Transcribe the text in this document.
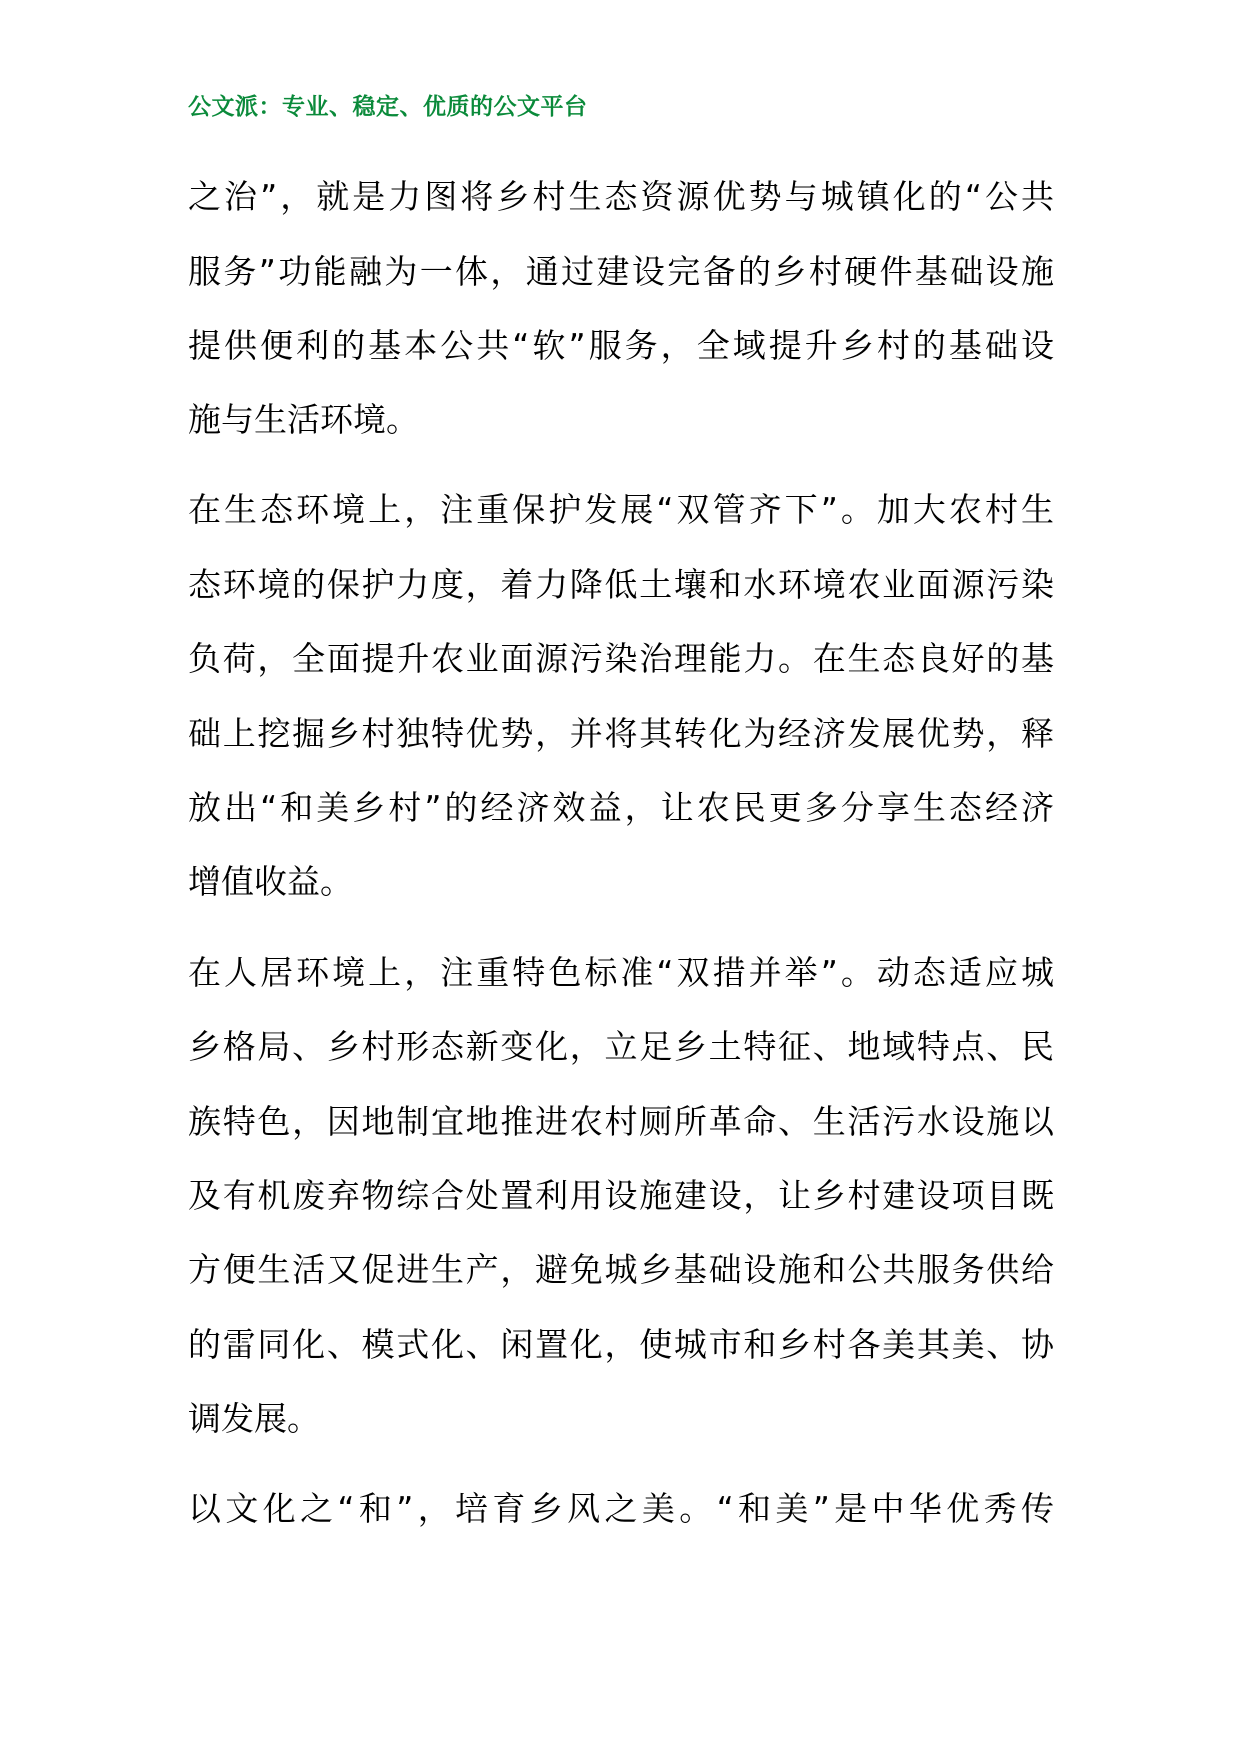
公文派：专业、稳定、优质的公文平台
之治”，就是力图将乡村生态资源优势与城镇化的“公共
服务”功能融为一体，通过建设完备的乡村硬件基础设施
提供便利的基本公共“软”服务，全域提升乡村的基础设
施与生活环境。
在生态环境上，注重保护发展“双管齐下”。加大农村生
态环境的保护力度，着力降低土壤和水环境农业面源污染
负荷，全面提升农业面源污染治理能力。在生态良好的基
础上挖掘乡村独特优势，并将其转化为经济发展优势，释
放出“和美乡村”的经济效益，让农民更多分享生态经济
增值收益。
在人居环境上，注重特色标准“双措并举”。动态适应城
乡格局、乡村形态新变化，立足乡土特征、地域特点、民
族特色，因地制宜地推进农村厕所革命、生活污水设施以
及有机废弃物综合处置利用设施建设，让乡村建设项目既
方便生活又促进生产，避免城乡基础设施和公共服务供给
的雷同化、模式化、闲置化，使城市和乡村各美其美、协
调发展。
以文化之“和”，培育乡风之美。“和美”是中华优秀传
